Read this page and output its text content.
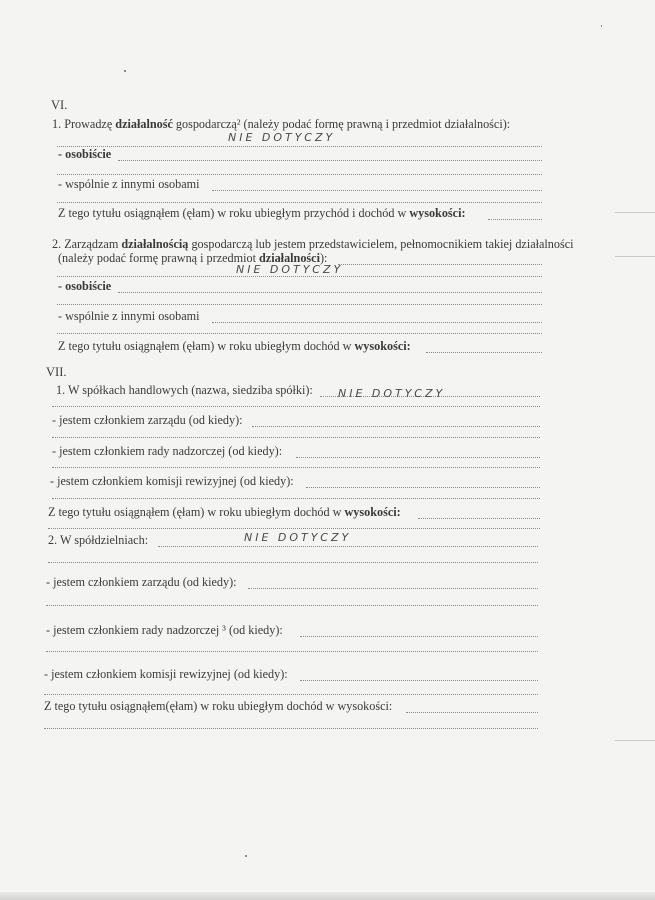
VI.
1. Prowadzę działalność gospodarczą² (należy podać formę prawną i przedmiot działalności):
NIE DOTYCZY
- osobiście
- wspólnie z innymi osobami
Z tego tytułu osiągnąłem (ęłam) w roku ubiegłym przychód i dochód w wysokości:
2. Zarządzam działalnością gospodarczą lub jestem przedstawicielem, pełnomocnikiem takiej działalności
(należy podać formę prawną i przedmiot działalności):
NIE DOTYCZY
- osobiście
- wspólnie z innymi osobami
Z tego tytułu osiągnąłem (ęłam) w roku ubiegłym dochód w wysokości:
VII.
1. W spółkach handlowych (nazwa, siedziba spółki): NIE DOTYCZY
- jestem członkiem zarządu (od kiedy):
- jestem członkiem rady nadzorczej (od kiedy):
- jestem członkiem komisji rewizyjnej (od kiedy):
Z tego tytułu osiągnąłem (ęłam) w roku ubiegłym dochód w wysokości:
2. W spółdzielniach:	NIE DOTYCZY
- jestem członkiem zarządu (od kiedy):
- jestem członkiem rady nadzorczej ³ (od kiedy):
- jestem członkiem komisji rewizyjnej (od kiedy):
Z tego tytułu osiągnąłem(ęłam) w roku ubiegłym dochód w wysokości:
